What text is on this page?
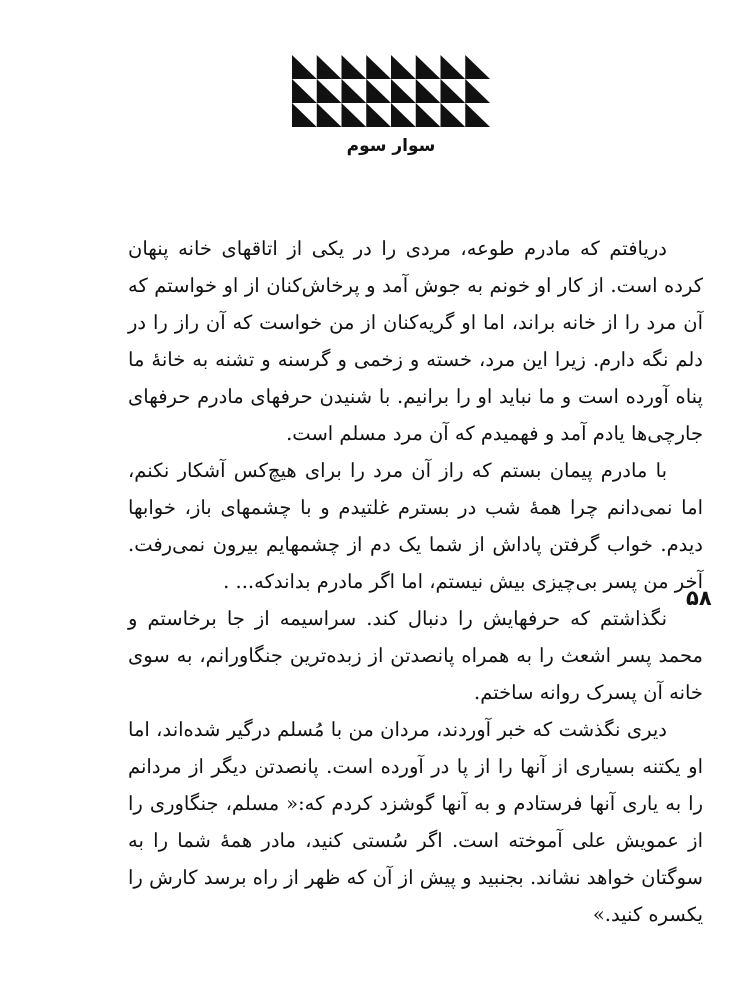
سوار سوم

دریافتم که مادرم طوعه، مردی را در یکی از اتاقهای خانه پنهان کرده است. از کار او خونم به جوش آمد و پرخاش‌کنان از او خواستم که آن مرد را از خانه براند، اما او گریه‌کنان از من خواست که آن راز را در دلم نگه دارم. زیرا این مرد، خسته و زخمی و گرسنه و تشنه به خانهٔ ما پناه آورده است و ما نباید او را برانیم. با شنیدن حرفهای مادرم حرفهای جارچی‌ها یادم آمد و فهمیدم که آن مرد مسلم است.

با مادرم پیمان بستم که راز آن مرد را برای هیچ‌کس آشکار نکنم، اما نمی‌دانم چرا همهٔ شب در بسترم غلتیدم و با چشمهای باز، خوابها دیدم. خواب گرفتن پاداش از شما یک دم از چشمهایم بیرون نمی‌رفت. آخر من پسر بی‌چیزی بیش نیستم، اما اگر مادرم بداندکه... .

نگذاشتم که حرفهایش را دنبال کند. سراسیمه از جا برخاستم و محمد پسر اشعث را به همراه پانصدتن از زبده‌ترین جنگاورانم، به سوی خانه آن پسرک روانه ساختم.

دیری نگذشت که خبر آوردند، مردان من با مُسلم درگیر شده‌اند، اما او یکتنه بسیاری از آنها را از پا در آورده است. پانصدتن دیگر از مردانم را به یاری آنها فرستادم و به آنها گوشزد کردم که:« مسلم، جنگاوری را از عمویش علی آموخته است. اگر سُستی کنید، مادر همهٔ شما را به سوگتان خواهد نشاند. بجنبید و پیش از آن که ظهر از راه برسد کارش را یکسره کنید.»

۵۸
